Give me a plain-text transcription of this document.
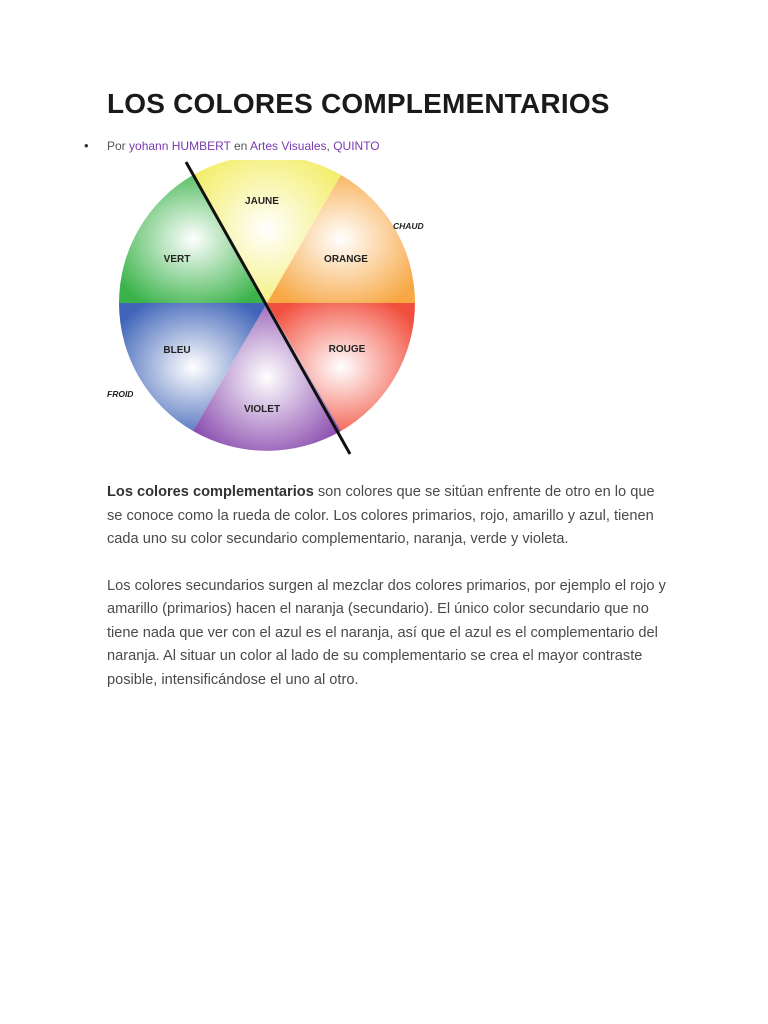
LOS COLORES COMPLEMENTARIOS
• Por yohann HUMBERT en Artes Visuales, QUINTO
JAUNE
ORANGE
ROUGE
VIOLET
BLEU
VERT
CHAUD
FROID

Los colores complementarios son colores que se sitúan enfrente de otro en lo que se conoce como la rueda de color. Los colores primarios, rojo, amarillo y azul, tienen cada uno su color secundario complementario, naranja, verde y violeta.

Los colores secundarios surgen al mezclar dos colores primarios, por ejemplo el rojo y amarillo (primarios) hacen el naranja (secundario). El único color secundario que no tiene nada que ver con el azul es el naranja, así que el azul es el complementario del naranja. Al situar un color al lado de su complementario se crea el mayor contraste posible, intensificándose el uno al otro.
